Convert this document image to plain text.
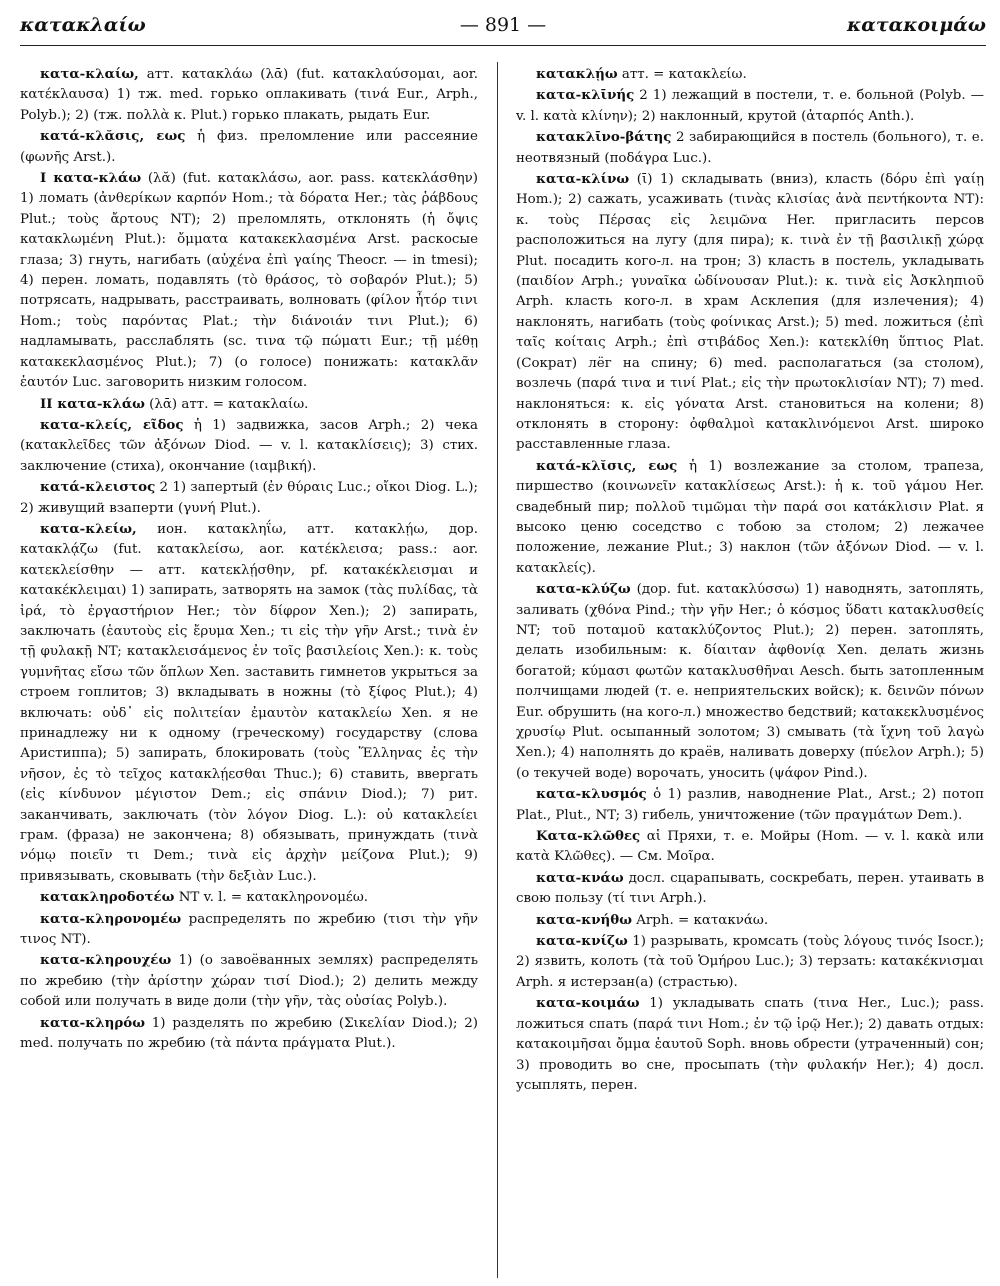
κατακλαίω	— 891 —	κατακοιμάω

κατα-κλαίω, атт. κατακλάω (λᾱ) (fut. κατακλαύσομαι, aor. κατέκλαυσα) 1) тж. med. горько оплакивать (τινά Eur., Arph., Polyb.); 2) (тж. πολλὰ κ. Plut.) горько плакать, рыдать Eur.

κατά-κλᾰσις, εως ἡ физ. преломление или рассеяние (φωνῆς Arst.).

I κατα-κλάω (λᾰ) (fut. κατακλάσω, aor. pass. κατεκλάσθην) 1) ломать (ἀνθερίκων καρπόν Hom.; τὰ δόρατα Her.; τὰς ῥάβδους Plut.; τοὺς ἄρτους NT); 2) преломлять, отклонять (ἡ ὄψις κατακλωμένη Plut.): ὄμματα κατακεκλασμένα Arst. раскосые глаза; 3) гнуть, нагибать (αὐχένα ἐπὶ γαίης Theocr. — in tmesi); 4) перен. ломать, подавлять (τὸ θράσος, τὸ σοβαρόν Plut.); 5) потрясать, надрывать, расстраивать, волновать (φίλον ἦτόρ τινι Hom.; τοὺς παρόντας Plat.; τὴν διάνοιάν τινι Plut.); 6) надламывать, расслаблять (sc. τινα τῷ πώματι Eur.; τῇ μέθῃ κατακεκλασμένος Plut.); 7) (о голосе) понижать: κατακλᾶν ἑαυτόν Luc. заговорить низким голосом.

II κατα-κλάω (λᾱ) атт. = κατακλαίω.

κατα-κλείς, εῖδος ἡ 1) задвижка, засов Arph.; 2) чека (κατακλεῖδες τῶν ἀξόνων Diod. — v. l. κατακλίσεις); 3) стих. заключение (стиха), окончание (ιαμβική).

κατά-κλειστος 2 1) запертый (ἐν θύραις Luc.; οἴκοι Diog. L.); 2) живущий взаперти (γυνή Plut.).

κατα-κλείω, ион. κατακληΐω, атт. κατακλῄω, дор. κατακλᾴζω (fut. κατακλείσω, aor. κατέκλεισα; pass.: aor. κατεκλείσθην — атт. κατεκλῄσθην, pf. κατακέκλεισμαι и κατακέκλειμαι) 1) запирать, затворять на замок (τὰς πυλίδας, τὰ ἱρά, τὸ ἐργαστήριον Her.; τὸν δίφρον Xen.); 2) запирать, заключать (ἑαυτοὺς εἰς ἔρυμα Xen.; τι εἰς τὴν γῆν Arst.; τινὰ ἐν τῇ φυλακῇ NT; κατακλεισάμενος ἐν τοῖς βασιλείοις Xen.): κ. τοὺς γυμνῆτας εἴσω τῶν ὅπλων Xen. заставить гимнетов укрыться за строем гоплитов; 3) вкладывать в ножны (τὸ ξίφος Plut.); 4) включать: οὐδ᾽ εἰς πολιτείαν ἐμαυτὸν κατακλείω Xen. я не принадлежу ни к одному (греческому) государству (слова Аристиппа); 5) запирать, блокировать (τοὺς Ἕλληνας ἐς τὴν νῆσον, ἐς τὸ τεῖχος κατακλῄεσθαι Thuc.); 6) ставить, ввергать (εἰς κίνδυνον μέγιστον Dem.; εἰς σπάνιν Diod.); 7) рит. заканчивать, заключать (τὸν λόγον Diog. L.): οὐ κατακλείει грам. (фраза) не закончена; 8) обязывать, принуждать (τινὰ νόμῳ ποιεῖν τι Dem.; τινὰ εἰς ἀρχὴν μείζονα Plut.); 9) привязывать, сковывать (τὴν δεξιὰν Luc.).

κατακληροδοτέω NT v. l. = κατακληρονομέω.

κατα-κληρονομέω распределять по жребию (τισι τὴν γῆν τινος NT).

κατα-κληρουχέω 1) (о завоёванных землях) распределять по жребию (τὴν ἀρίστην χώραν τισί Diod.); 2) делить между собой или получать в виде доли (τὴν γῆν, τὰς οὐσίας Polyb.).

κατα-κληρόω 1) разделять по жребию (Σικελίαν Diod.); 2) med. получать по жребию (τὰ πάντα πράγματα Plut.).

κατακλῄω атт. = κατακλείω.

κατα-κλῑνής 2 1) лежащий в постели, т. е. больной (Polyb. — v. l. κατὰ κλίνην); 2) наклонный, крутой (ἀταρπός Anth.).

κατακλῑνο-βάτης 2 забирающийся в постель (больного), т. е. неотвязный (ποδάγρα Luc.).

κατα-κλίνω (ῑ) 1) складывать (вниз), класть (δόρυ ἐπὶ γαίῃ Hom.); 2) сажать, усаживать (τινὰς κλισίας ἀνὰ πεντήκοντα NT): κ. τοὺς Πέρσας εἰς λειμῶνα Her. пригласить персов расположиться на лугу (для пира); κ. τινὰ ἐν τῇ βασιλικῇ χώρᾳ Plut. посадить кого-л. на трон; 3) класть в постель, укладывать (παιδίον Arph.; γυναῖκα ὠδίνουσαν Plut.): κ. τινὰ εἰς Ἀσκληπιοῦ Arph. класть кого-л. в храм Асклепия (для излечения); 4) наклонять, нагибать (τοὺς φοίνικας Arst.); 5) med. ложиться (ἐπὶ ταῖς κοίταις Arph.; ἐπὶ στιβάδος Xen.): κατεκλίθη ὕπτιος Plat. (Сократ) лёг на спину; 6) med. располагаться (за столом), возлечь (παρά τινα и τινί Plat.; εἰς τὴν πρωτοκλισίαν NT); 7) med. наклоняться: κ. εἰς γόνατα Arst. становиться на колени; 8) отклонять в сторону: ὀφθαλμοὶ κατακλινόμενοι Arst. широко расставленные глаза.

κατά-κλῐσις, εως ἡ 1) возлежание за столом, трапеза, пиршество (κοινωνεῖν κατακλίσεως Arst.): ἡ κ. τοῦ γάμου Her. свадебный пир; πολλοῦ τιμῶμαι τὴν παρά σοι κατάκλισιν Plat. я высоко ценю соседство с тобою за столом; 2) лежачее положение, лежание Plut.; 3) наклон (τῶν ἀξόνων Diod. — v. l. κατακλείς).

κατα-κλύζω (дор. fut. κατακλύσσω) 1) наводнять, затоплять, заливать (χθόνα Pind.; τὴν γῆν Her.; ὁ κόσμος ὕδατι κατακλυσθείς NT; τοῦ ποταμοῦ κατακλύζοντος Plut.); 2) перен. затоплять, делать изобильным: κ. δίαιταν ἀφθονίᾳ Xen. делать жизнь богатой; κύμασι φωτῶν κατακλυσθῆναι Aesch. быть затопленным полчищами людей (т. е. неприятельских войск); κ. δεινῶν πόνων Eur. обрушить (на кого-л.) множество бедствий; κατακεκλυσμένος χρυσίῳ Plut. осыпанный золотом; 3) смывать (τὰ ἴχνη τοῦ λαγὼ Xen.); 4) наполнять до краёв, наливать доверху (πύελον Arph.); 5) (о текучей воде) ворочать, уносить (ψάφον Pind.).

κατα-κλυσμός ὁ 1) разлив, наводнение Plat., Arst.; 2) потоп Plat., Plut., NT; 3) гибель, уничтожение (τῶν πραγμάτων Dem.).

Κατα-κλῶθες αἱ Пряхи, т. е. Мойры (Hom. — v. l. κακὰ или κατὰ Κλῶθες). — См. Μοῖρα.

κατα-κνάω досл. сцарапывать, соскребать, перен. утаивать в свою пользу (τί τινι Arph.).

κατα-κνήθω Arph. = κατακνάω.

κατα-κνίζω 1) разрывать, кромсать (τοὺς λόγους τινός Isocr.); 2) язвить, колоть (τὰ τοῦ Ὁμήρου Luc.); 3) терзать: κατακέκνισμαι Arph. я истерзан(а) (страстью).

κατα-κοιμάω 1) укладывать спать (τινα Her., Luc.); pass. ложиться спать (παρά τινι Hom.; ἐν τῷ ἱρῷ Her.); 2) давать отдых: κατακοιμῆσαι ὄμμα ἑαυτοῦ Soph. вновь обрести (утраченный) сон; 3) проводить во сне, просыпать (τὴν φυλακήν Her.); 4) досл. усыплять, перен.
